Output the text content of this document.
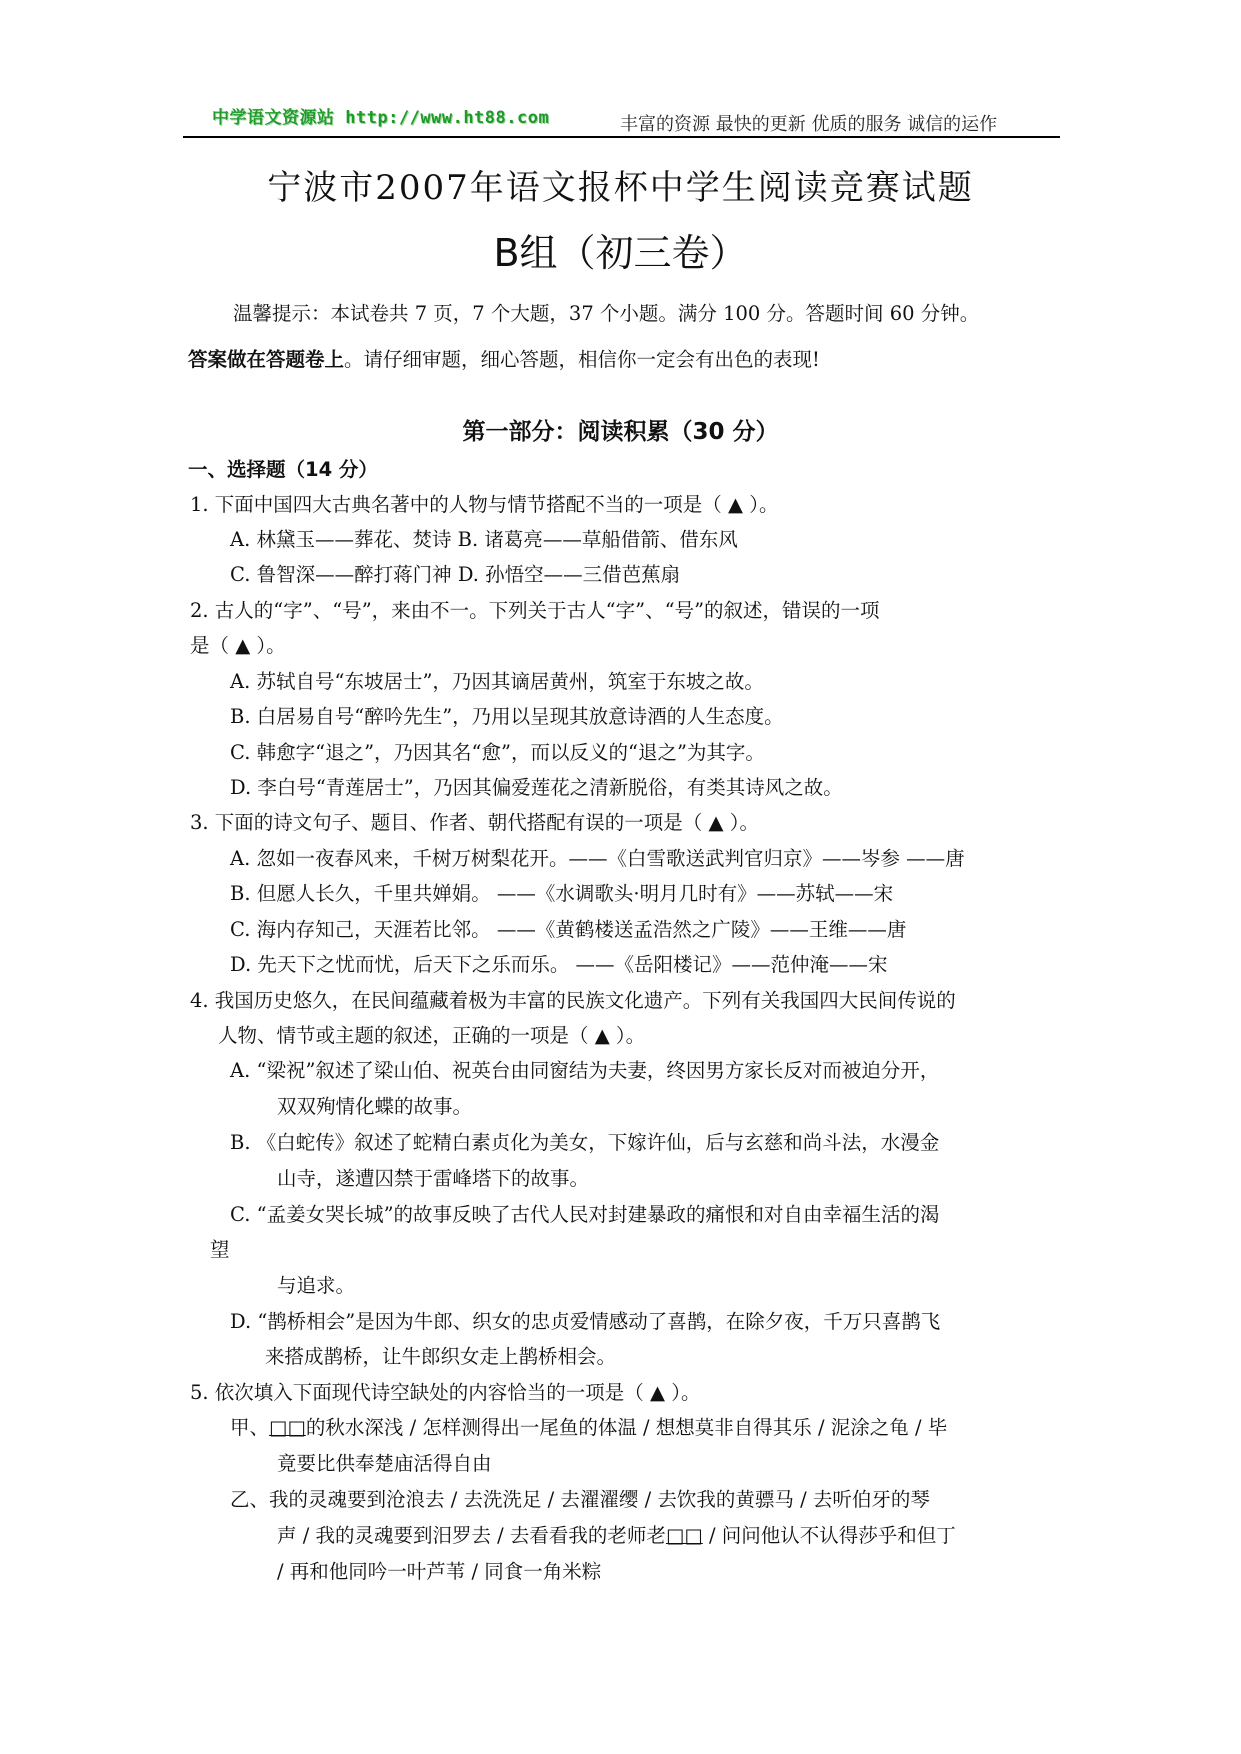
中学语文资源站 http://www.ht88.com	丰富的资源 最快的更新 优质的服务 诚信的运作
宁波市2007年语文报杯中学生阅读竞赛试题
B组（初三卷）
温馨提示：本试卷共 7 页，7 个大题，37 个小题。满分 100 分。答题时间 60 分钟。
答案做在答题卷上。请仔细审题，细心答题，相信你一定会有出色的表现!
第一部分：阅读积累（30 分）
一、选择题（14 分）
1. 下面中国四大古典名著中的人物与情节搭配不当的一项是（ ▲ ）。
A. 林黛玉——葬花、焚诗 B. 诸葛亮——草船借箭、借东风
C. 鲁智深——醉打蒋门神 D. 孙悟空——三借芭蕉扇
2. 古人的“字”、“号”，来由不一。下列关于古人“字”、“号”的叙述，错误的一项
是（ ▲ ）。
A. 苏轼自号“东坡居士”，乃因其谪居黄州，筑室于东坡之故。
B. 白居易自号“醉吟先生”，乃用以呈现其放意诗酒的人生态度。
C. 韩愈字“退之”，乃因其名“愈”，而以反义的“退之”为其字。
D. 李白号“青莲居士”，乃因其偏爱莲花之清新脱俗，有类其诗风之故。
3. 下面的诗文句子、题目、作者、朝代搭配有误的一项是（ ▲ ）。
A. 忽如一夜春风来，千树万树梨花开。——《白雪歌送武判官归京》——岑参 ——唐
B. 但愿人长久，千里共婵娟。 ——《水调歌头·明月几时有》——苏轼——宋
C. 海内存知己，天涯若比邻。 ——《黄鹤楼送孟浩然之广陵》——王维——唐
D. 先天下之忧而忧，后天下之乐而乐。 ——《岳阳楼记》——范仲淹——宋
4. 我国历史悠久，在民间蕴藏着极为丰富的民族文化遗产。下列有关我国四大民间传说的
人物、情节或主题的叙述，正确的一项是（ ▲ ）。
A. “梁祝”叙述了梁山伯、祝英台由同窗结为夫妻，终因男方家长反对而被迫分开，
双双殉情化蝶的故事。
B. 《白蛇传》叙述了蛇精白素贞化为美女，下嫁许仙，后与玄慈和尚斗法，水漫金
山寺，遂遭囚禁于雷峰塔下的故事。
C. “孟姜女哭长城”的故事反映了古代人民对封建暴政的痛恨和对自由幸福生活的渴
望
与追求。
D. “鹊桥相会”是因为牛郎、织女的忠贞爱情感动了喜鹊，在除夕夜，千万只喜鹊飞
来搭成鹊桥，让牛郎织女走上鹊桥相会。
5. 依次填入下面现代诗空缺处的内容恰当的一项是（ ▲ ）。
甲、□□的秋水深浅 / 怎样测得出一尾鱼的体温 / 想想莫非自得其乐 / 泥涂之龟 / 毕
竟要比供奉楚庙活得自由
乙、我的灵魂要到沧浪去 / 去洗洗足 / 去濯濯缨 / 去饮我的黄骠马 / 去听伯牙的琴
声 / 我的灵魂要到汨罗去 / 去看看我的老师老□□ / 问问他认不认得莎乎和但丁
/ 再和他同吟一叶芦苇 / 同食一角米粽
